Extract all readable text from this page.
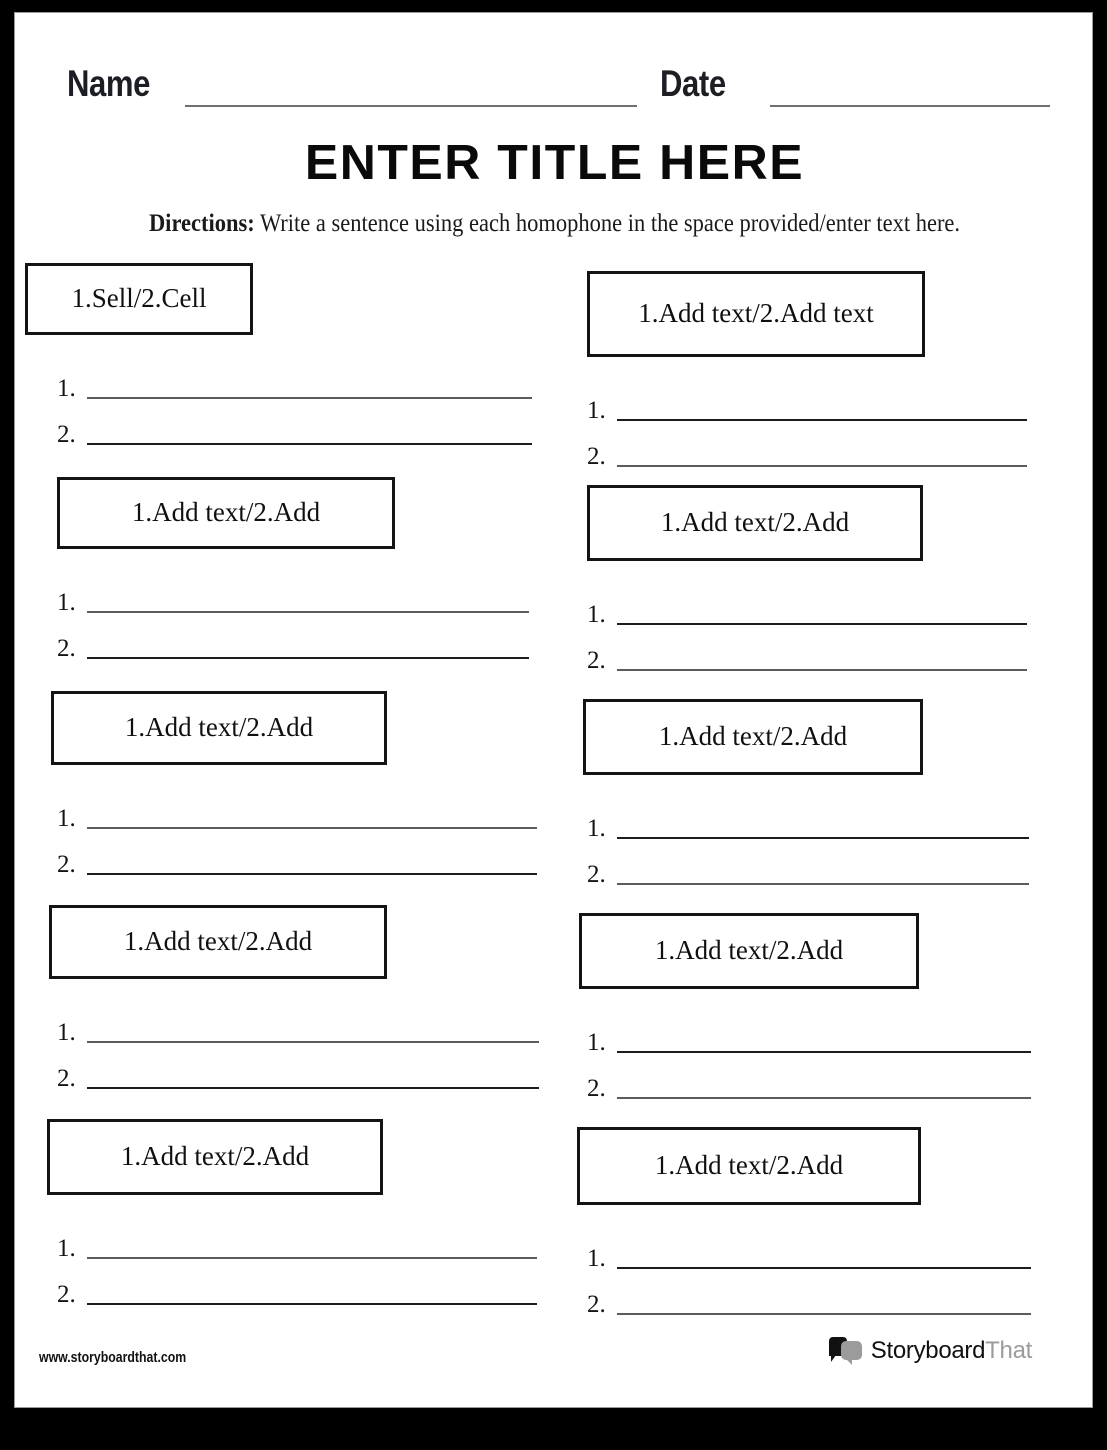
Name	Date
ENTER TITLE HERE
Directions: Write a sentence using each homophone in the space provided/enter text here.
1.Sell/2.Cell
1.
2.
1.Add text/2.Add
1.
2.
1.Add text/2.Add
1.
2.
1.Add text/2.Add
1.
2.
1.Add text/2.Add
1.
2.
1.Add text/2.Add text
1.
2.
1.Add text/2.Add
1.
2.
1.Add text/2.Add
1.
2.
1.Add text/2.Add
1.
2.
1.Add text/2.Add
1.
2.
www.storyboardthat.com	StoryboardThat
